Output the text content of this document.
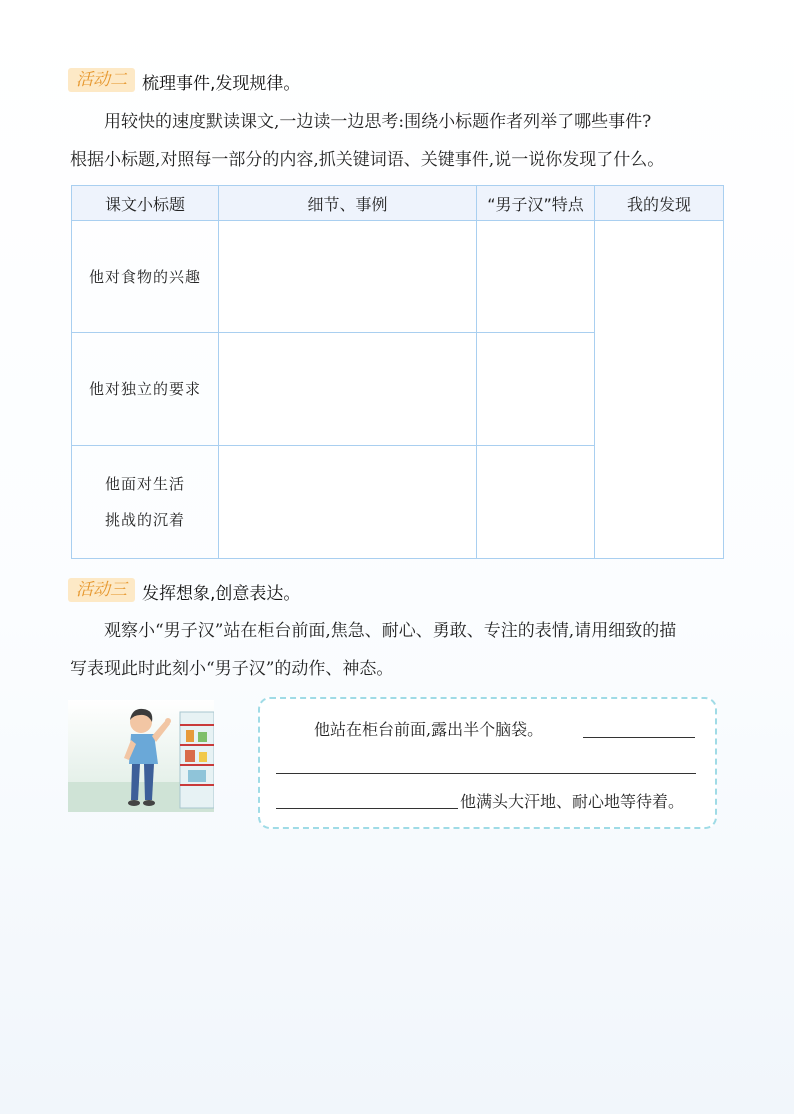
活动二 梳理事件,发现规律。
用较快的速度默读课文,一边读一边思考:围绕小标题作者列举了哪些事件?
根据小标题,对照每一部分的内容,抓关键词语、关键事件,说一说你发现了什么。
课文小标题	细节、事例	“男子汉”特点	我的发现
他对食物的兴趣			
他对独立的要求			

他面对生活
挑战的沉着			

活动三 发挥想象,创意表达。
观察小“男子汉”站在柜台前面,焦急、耐心、勇敢、专注的表情,请用细致的描
写表现此时此刻小“男子汉”的动作、神态。
他站在柜台前面,露出半个脑袋。
他满头大汗地、耐心地等待着。
